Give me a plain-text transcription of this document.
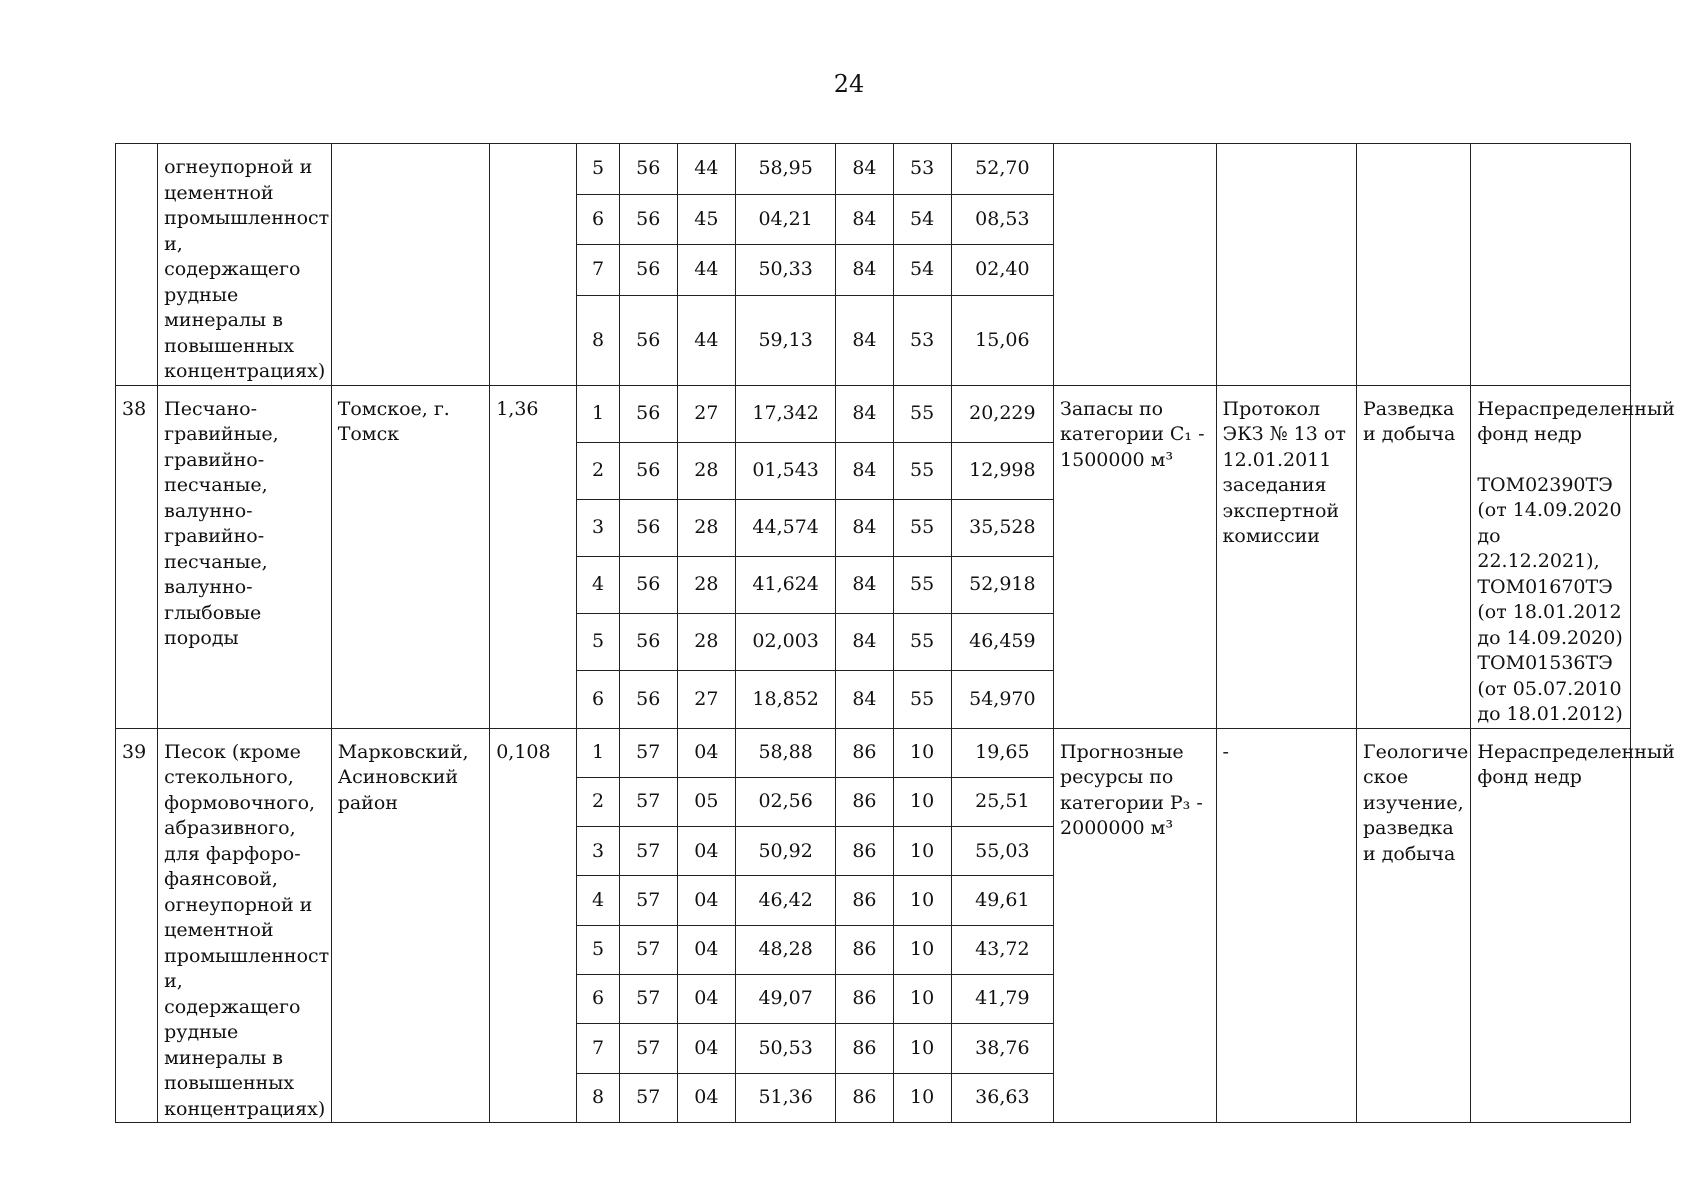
24
	огнеупорной и цементной промышленност и, содержащего рудные минералы в повышенных концентрациях)			5	56	44	58,95	84	53	52,70				
				6	56	45	04,21	84	54	08,53				
				7	56	44	50,33	84	54	02,40				
				8	56	44	59,13	84	53	15,06				
38	Песчано- гравийные, гравийно- песчаные, валунно- гравийно- песчаные, валунно- глыбовые породы	Томское, г. Томск	1,36	1	56	27	17,342	84	55	20,229	Запасы по категории C₁ - 1500000 м³	Протокол ЭКЗ № 13 от 12.01.2011 заседания экспертной комиссии	Разведка и добыча	Нераспределенный фонд недр
ТОМ02390ТЭ (от 14.09.2020 до 22.12.2021), ТОМ01670ТЭ (от 18.01.2012 до 14.09.2020) ТОМ01536ТЭ (от 05.07.2010 до 18.01.2012)

				2	56	28	01,543	84	55	12,998				
				3	56	28	44,574	84	55	35,528				
				4	56	28	41,624	84	55	52,918				
				5	56	28	02,003	84	55	46,459				
				6	56	27	18,852	84	55	54,970				
39	Песок (кроме стекольного, формовочного, абразивного, для фарфоро- фаянсовой, огнеупорной и цементной промышленност и, содержащего рудные минералы в повышенных концентрациях)	Марковский, Асиновский район	0,108	1	57	04	58,88	86	10	19,65	Прогнозные ресурсы по категории P₃ - 2000000 м³	-	Геологиче ское изучение, разведка и добыча	Нераспределенный фонд недр

				2	57	05	02,56	86	10	25,51				
				3	57	04	50,92	86	10	55,03				
				4	57	04	46,42	86	10	49,61				
				5	57	04	48,28	86	10	43,72				
				6	57	04	49,07	86	10	41,79				
				7	57	04	50,53	86	10	38,76				
				8	57	04	51,36	86	10	36,63				
